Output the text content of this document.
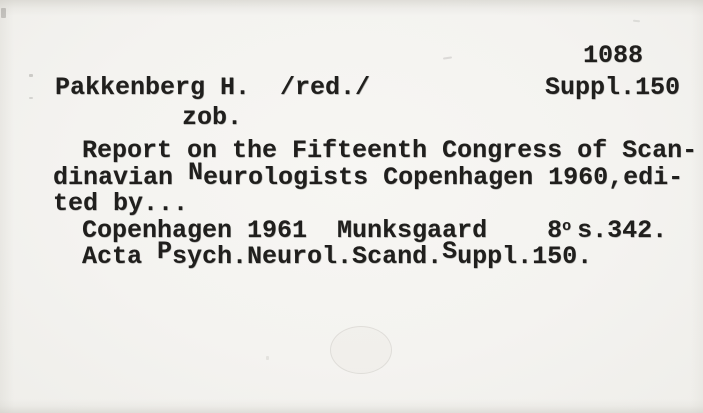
1088
Pakkenberg H.  /red./	Suppl.150
zob.
Report on the Fifteenth Congress of Scan-
dinavian Neurologists Copenhagen 1960,edi-
ted by...
Copenhagen 1961  Munksgaard    8o s.342.
Acta Psych.Neurol.Scand.Suppl.150.
